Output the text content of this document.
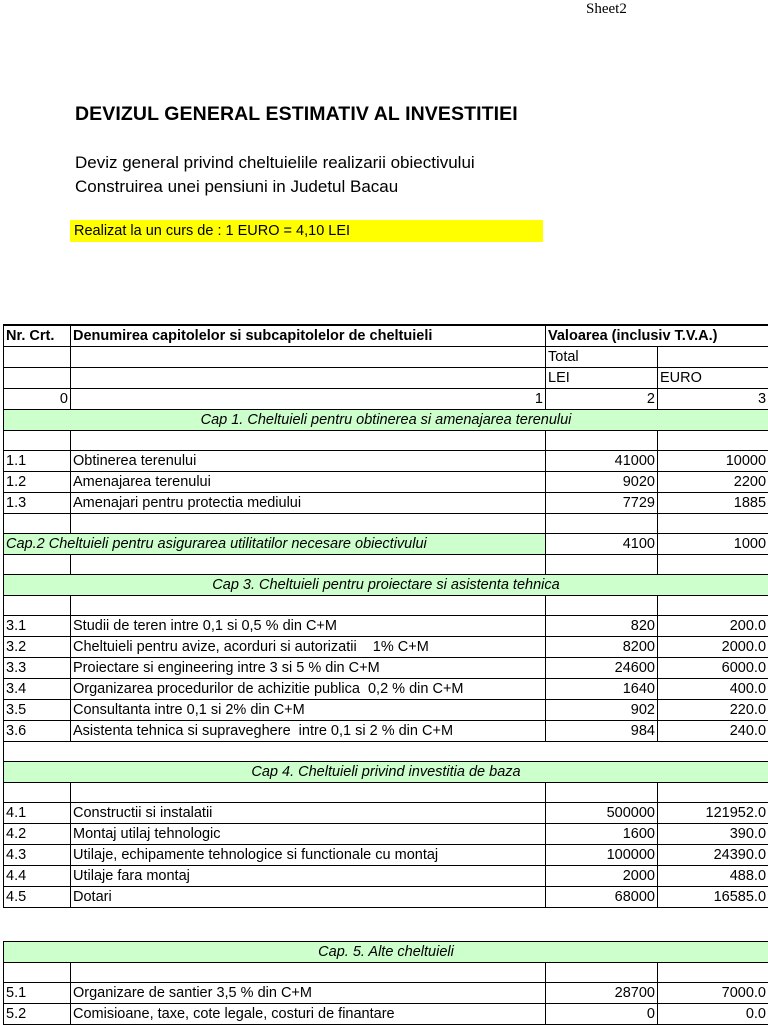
Sheet2
DEVIZUL GENERAL ESTIMATIV AL INVESTITIEI
Deviz general privind cheltuielile realizarii obiectivului
Construirea unei pensiuni in Judetul Bacau
Realizat la un curs de : 1 EURO = 4,10 LEI
Nr. Crt.	Denumirea capitolelor si subcapitolelor de cheltuieli	Valoarea (inclusiv T.V.A.)	
		Total	
		LEI	EURO
0	1	2	3
Cap 1. Cheltuieli pentru obtinerea si amenajarea terenului			

1.1	Obtinerea terenului	41000	10000
1.2	Amenajarea terenului	9020	2200
1.3	Amenajari pentru protectia mediului	7729	1885

Cap.2 Cheltuieli pentru asigurarea utilitatilor necesare obiectivului		4100	1000

Cap 3. Cheltuieli pentru proiectare si asistenta tehnica			

3.1	Studii de teren intre 0,1 si 0,5 % din C+M	820	200.0
3.2	Cheltuieli pentru avize, acorduri si autorizatii    1% C+M	8200	2000.0
3.3	Proiectare si engineering intre 3 si 5 % din C+M	24600	6000.0
3.4	Organizarea procedurilor de achizitie publica  0,2 % din C+M	1640	400.0
3.5	Consultanta intre 0,1 si 2% din C+M	902	220.0
3.6	Asistenta tehnica si supraveghere  intre 0,1 si 2 % din C+M	984	240.0

Cap 4. Cheltuieli privind investitia de baza			

4.1	Constructii si instalatii	500000	121952.0
4.2	Montaj utilaj tehnologic	1600	390.0
4.3	Utilaje, echipamente tehnologice si functionale cu montaj	100000	24390.0
4.4	Utilaje fara montaj	2000	488.0
4.5	Dotari	68000	16585.0
Cap. 5. Alte cheltuieli			

5.1	Organizare de santier 3,5 % din C+M	28700	7000.0
5.2	Comisioane, taxe, cote legale, costuri de finantare	0	0.0
